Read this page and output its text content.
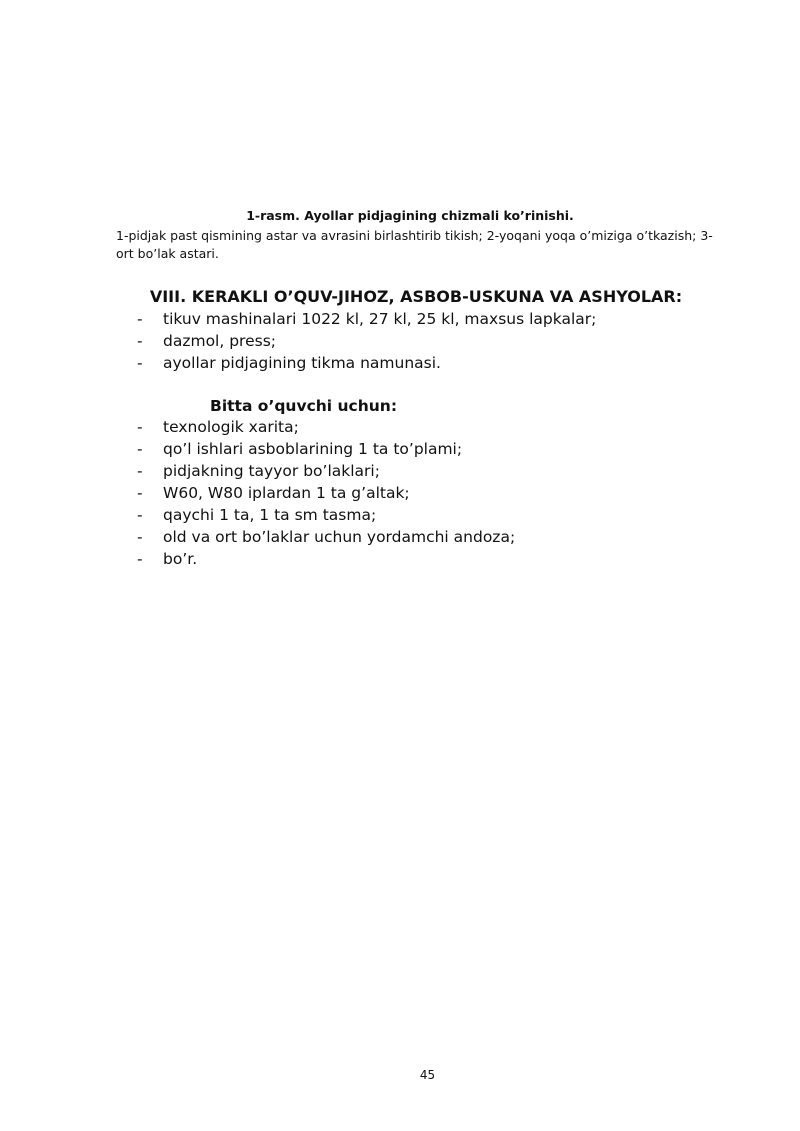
1-rasm. Ayollar pidjagining chizmali ko’rinishi.

1-pidjak past qismining astar va avrasini birlashtirib tikish; 2-yoqani yoqa o’miziga o’tkazish; 3-ort bo’lak astari.

VIII. KERAKLI O’QUV-JIHOZ, ASBOB-USKUNA VA ASHYOLAR:
-	tikuv mashinalari 1022 kl, 27 kl, 25 kl, maxsus lapkalar;
-	dazmol, press;
-	ayollar pidjagining tikma namunasi.
Bitta o’quvchi uchun:
-	texnologik xarita;
-	qo’l ishlari asboblarining 1 ta to’plami;
-	pidjakning tayyor bo’laklari;
-	W60, W80 iplardan 1 ta g’altak;
-	qaychi 1 ta, 1 ta sm tasma;
-	old va ort bo’laklar uchun yordamchi andoza;
-	bo’r.
45
